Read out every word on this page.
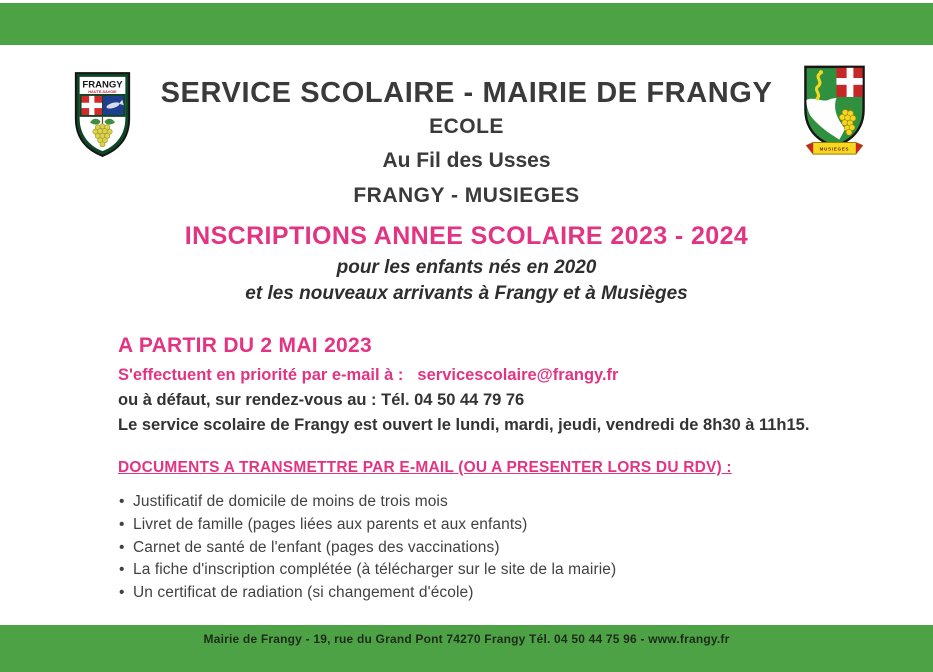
FRANGY
HAUTE-SAVOIE
MUSIEGES
SERVICE SCOLAIRE - MAIRIE DE FRANGY
ECOLE
Au Fil des Usses
FRANGY - MUSIEGES
INSCRIPTIONS ANNEE SCOLAIRE 2023 - 2024
pour les enfants nés en 2020
et les nouveaux arrivants à Frangy et à Musièges
A PARTIR DU 2 MAI 2023
S'effectuent en priorité par e-mail à : servicescolaire@frangy.fr
ou à défaut, sur rendez-vous au : Tél. 04 50 44 79 76
Le service scolaire de Frangy est ouvert le lundi, mardi, jeudi, vendredi de 8h30 à 11h15.
DOCUMENTS A TRANSMETTRE PAR E-MAIL (OU A PRESENTER LORS DU RDV) :
• Justificatif de domicile de moins de trois mois
• Livret de famille (pages liées aux parents et aux enfants)
• Carnet de santé de l'enfant (pages des vaccinations)
• La fiche d'inscription complétée (à télécharger sur le site de la mairie)
• Un certificat de radiation (si changement d'école)
Mairie de Frangy - 19, rue du Grand Pont 74270 Frangy Tél. 04 50 44 75 96 - www.frangy.fr
